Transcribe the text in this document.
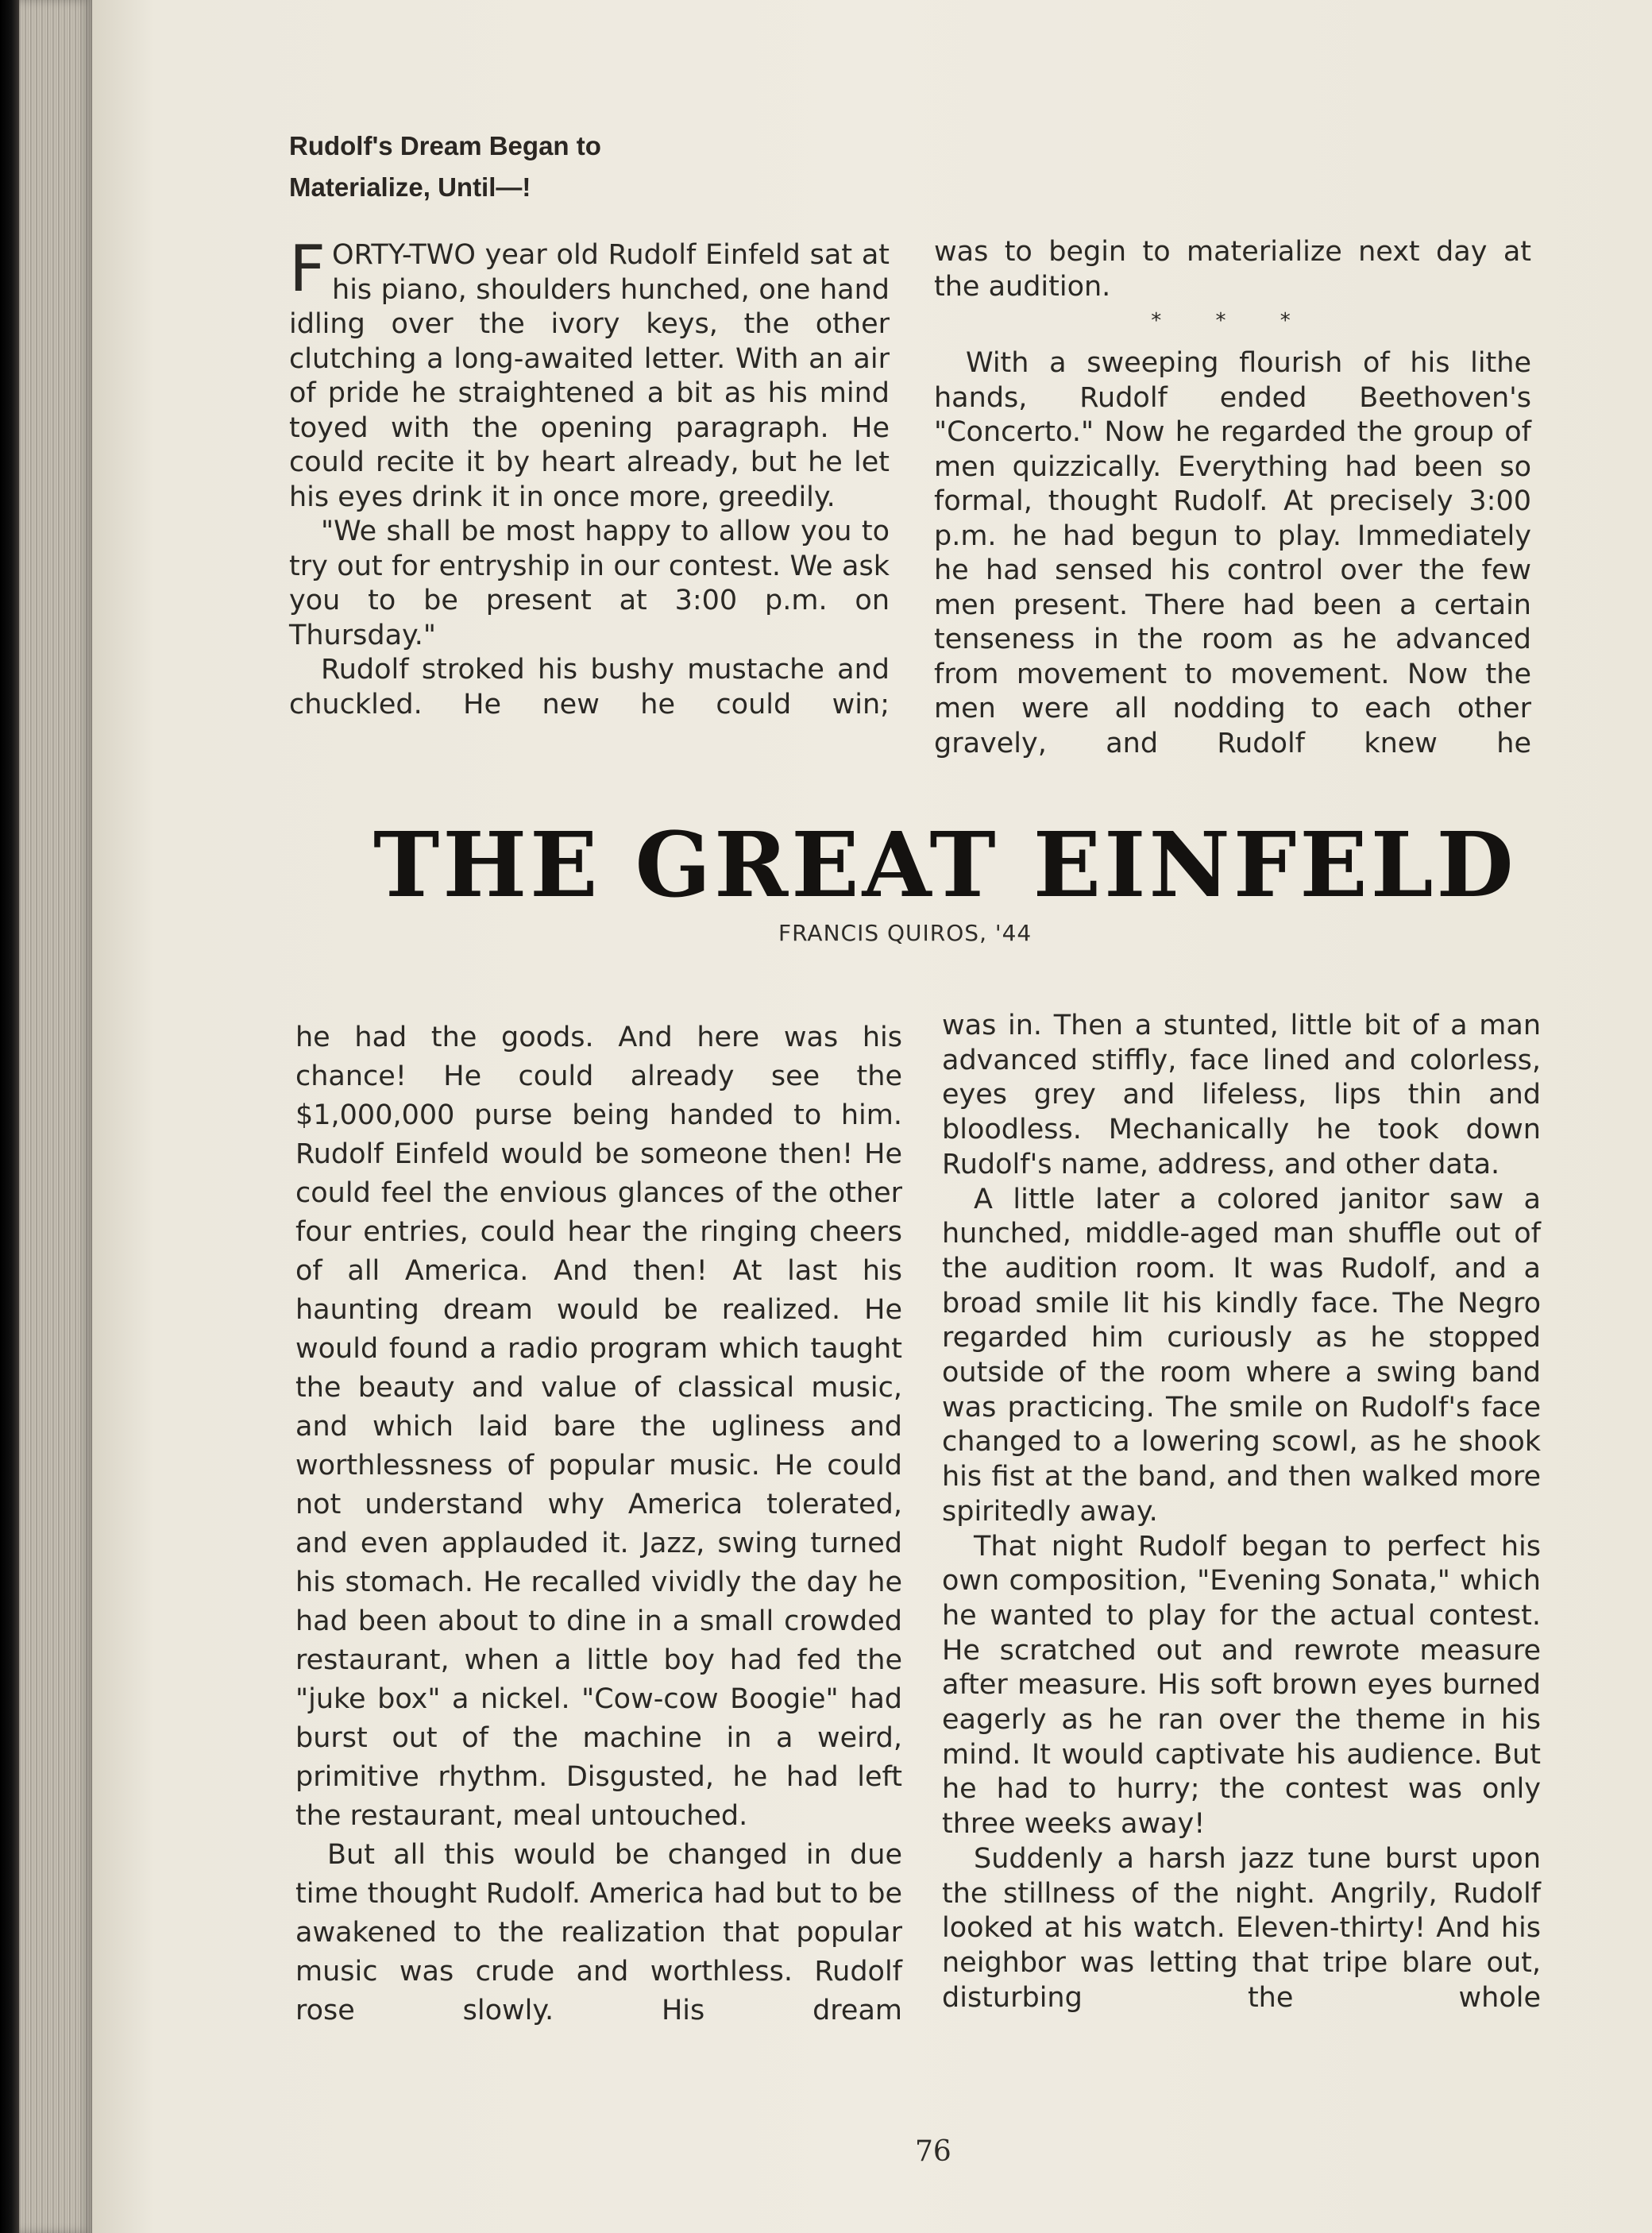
Rudolf's Dream Began to
Materialize, Until—!

FORTY-TWO year old Rudolf Einfeld sat at his piano, shoulders hunched, one hand idling over the ivory keys, the other clutching a long-awaited letter. With an air of pride he straightened a bit as his mind toyed with the opening paragraph. He could recite it by heart already, but he let his eyes drink it in once more, greedily.

"We shall be most happy to allow you to try out for entryship in our contest. We ask you to be present at 3:00 p.m. on Thursday."

Rudolf stroked his bushy mustache and chuckled. He new he could win;

was to begin to materialize next day at the audition.

* * *

With a sweeping flourish of his lithe hands, Rudolf ended Beethoven's "Concerto." Now he regarded the group of men quizzically. Everything had been so formal, thought Rudolf. At precisely 3:00 p.m. he had begun to play. Immediately he had sensed his control over the few men present. There had been a certain tenseness in the room as he advanced from movement to movement. Now the men were all nodding to each other gravely, and Rudolf knew he

THE GREAT EINFELD
FRANCIS QUIROS, '44

he had the goods. And here was his chance! He could already see the $1,000,000 purse being handed to him. Rudolf Einfeld would be someone then! He could feel the envious glances of the other four entries, could hear the ringing cheers of all America. And then! At last his haunting dream would be realized. He would found a radio program which taught the beauty and value of classical music, and which laid bare the ugliness and worthlessness of popular music. He could not understand why America tolerated, and even applauded it. Jazz, swing turned his stomach. He recalled vividly the day he had been about to dine in a small crowded restaurant, when a little boy had fed the "juke box" a nickel. "Cow-cow Boogie" had burst out of the machine in a weird, primitive rhythm. Disgusted, he had left the restaurant, meal untouched.

But all this would be changed in due time thought Rudolf. America had but to be awakened to the realization that popular music was crude and worthless. Rudolf rose slowly. His dream

was in. Then a stunted, little bit of a man advanced stiffly, face lined and colorless, eyes grey and lifeless, lips thin and bloodless. Mechanically he took down Rudolf's name, address, and other data.

A little later a colored janitor saw a hunched, middle-aged man shuffle out of the audition room. It was Rudolf, and a broad smile lit his kindly face. The Negro regarded him curiously as he stopped outside of the room where a swing band was practicing. The smile on Rudolf's face changed to a lowering scowl, as he shook his fist at the band, and then walked more spiritedly away.

That night Rudolf began to perfect his own composition, "Evening Sonata," which he wanted to play for the actual contest. He scratched out and rewrote measure after measure. His soft brown eyes burned eagerly as he ran over the theme in his mind. It would captivate his audience. But he had to hurry; the contest was only three weeks away!

Suddenly a harsh jazz tune burst upon the stillness of the night. Angrily, Rudolf looked at his watch. Eleven-thirty! And his neighbor was letting that tripe blare out, disturbing the whole

76
